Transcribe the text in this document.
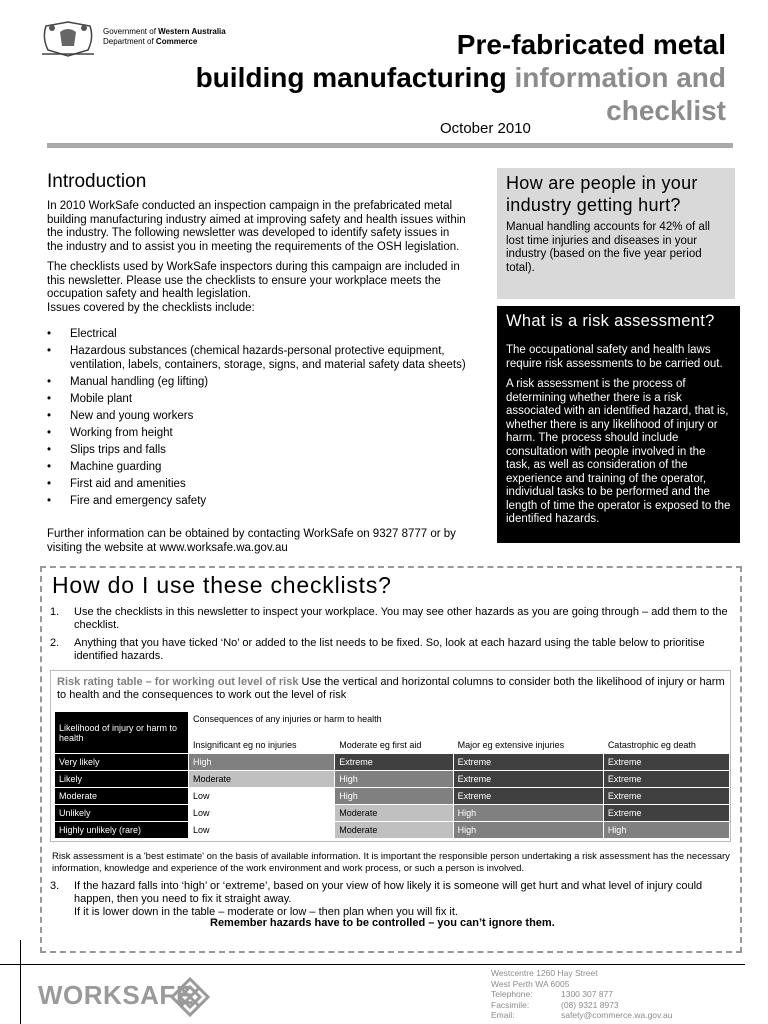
Government of Western Australia
Department of Commerce	Pre-fabricated metal
building manufacturing information and
checklist
October 2010
Introduction

In 2010 WorkSafe conducted an inspection campaign in the prefabricated metal building manufacturing industry aimed at improving safety and health issues within the industry. The following newsletter was developed to identify safety issues in the industry and to assist you in meeting the requirements of the OSH legislation.

The checklists used by WorkSafe inspectors during this campaign are included in this newsletter. Please use the checklists to ensure your workplace meets the occupation safety and health legislation.

Issues covered by the checklists include:
• Electrical
• Hazardous substances (chemical hazards-personal protective equipment, ventilation, labels, containers, storage, signs, and material safety data sheets)
• Manual handling (eg lifting)
• Mobile plant
• New and young workers
• Working from height
• Slips trips and falls
• Machine guarding
• First aid and amenities
• Fire and emergency safety
Further information can be obtained by contacting WorkSafe on 9327 8777 or by visiting the website at www.worksafe.wa.gov.au
How are people in your industry getting hurt?

Manual handling accounts for 42% of all lost time injuries and diseases in your industry (based on the five year period total).

What is a risk assessment?

The occupational safety and health laws require risk assessments to be carried out.

A risk assessment is the process of determining whether there is a risk associated with an identified hazard, that is, whether there is any likelihood of injury or harm. The process should include consultation with people involved in the task, as well as consideration of the experience and training of the operator, individual tasks to be performed and the length of time the operator is exposed to the identified hazards.

How do I use these checklists?
1. Use the checklists in this newsletter to inspect your workplace. You may see other hazards as you are going through – add them to the checklist.
2. Anything that you have ticked ‘No’ or added to the list needs to be fixed. So, look at each hazard using the table below to prioritise identified hazards.
Risk rating table – for working out level of risk Use the vertical and horizontal columns to consider both the likelihood of injury or harm to health and the consequences to work out the level of risk
Likelihood of injury or harm to health	Consequences of any injuries or harm to health			
	Insignificant eg no injuries	Moderate eg first aid	Major eg extensive injuries	Catastrophic eg death
Very likely	High	Extreme	Extreme	Extreme
Likely	Moderate	High	Extreme	Extreme
Moderate	Low	High	Extreme	Extreme
Unlikely	Low	Moderate	High	Extreme
Highly unlikely (rare)	Low	Moderate	High	High
Risk assessment is a 'best estimate' on the basis of available information. It is important the responsible person undertaking a risk assessment has the necessary information, knowledge and experience of the work environment and work process, or such a person is involved.
3. If the hazard falls into ‘high’ or ‘extreme’, based on your view of how likely it is someone will get hurt and what level of injury could happen, then you need to fix it straight away.
If it is lower down in the table – moderate or low – then plan when you will fix it.
Remember hazards have to be controlled – you can’t ignore them.
WORKSAFE
Westcentre 1260 Hay Street
West Perth WA 6005
Telephone:	1300 307 877
Facsimile:	(08) 9321 8973
Email:	safety@commerce.wa.gov.au
